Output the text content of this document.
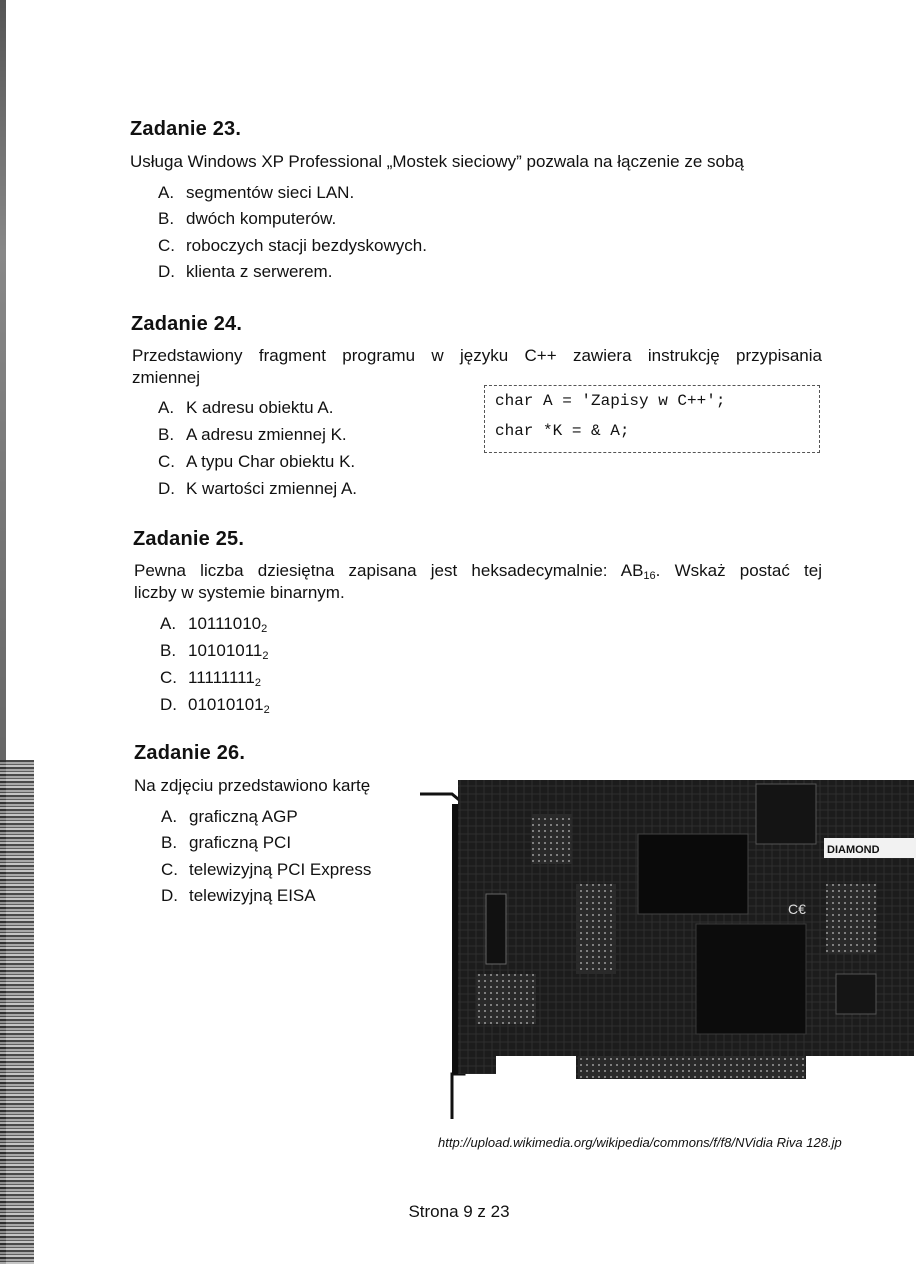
Zadanie 23.
Usługa Windows XP Professional „Mostek sieciowy” pozwala na łączenie ze sobą
A. segmentów sieci LAN.
B. dwóch komputerów.
C. roboczych stacji bezdyskowych.
D. klienta z serwerem.
Zadanie 24.
Przedstawiony fragment programu w języku C++ zawiera instrukcję przypisania
zmiennej
char A = 'Zapisy w C++';
char *K = & A;
A. K adresu obiektu A.
B. A adresu zmiennej K.
C. A typu Char obiektu K.
D. K wartości zmiennej A.
Zadanie 25.
Pewna liczba dziesiętna zapisana jest heksadecymalnie: $AB_{16}$. Wskaż postać tej
liczby w systemie binarnym.
A. $10111010_2$
B. $10101011_2$
C. $11111111_2$
D. $01010101_2$
Zadanie 26.
Na zdjęciu przedstawiono kartę
A. graficzną AGP
B. graficzną PCI
C. telewizyjną PCI Express
D. telewizyjną EISA
DIAMOND
C€
http://upload.wikimedia.org/wikipedia/commons/f/f8/NVidia Riva 128.jp
Strona 9 z 23
